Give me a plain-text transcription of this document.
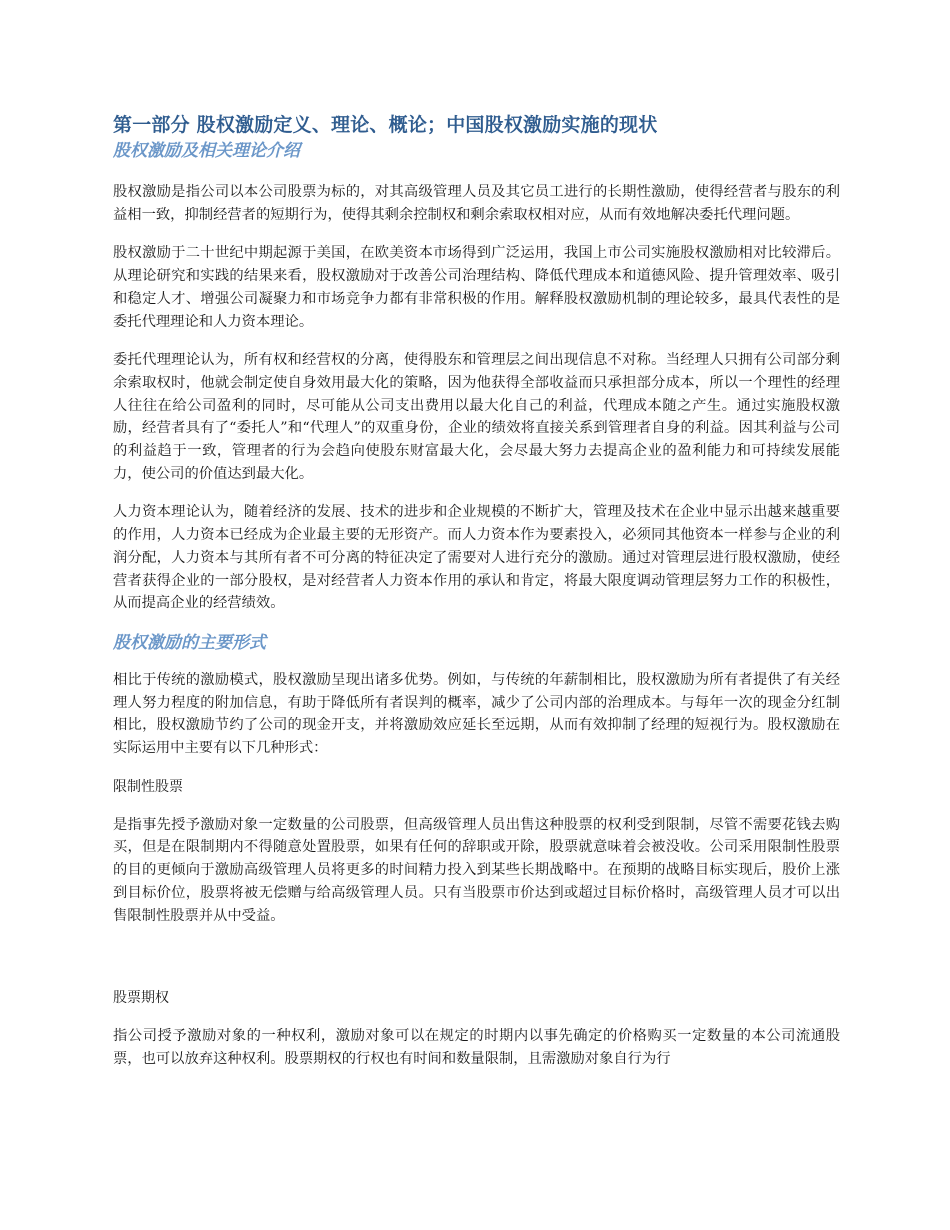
第一部分 股权激励定义、理论、概论；中国股权激励实施的现状
股权激励及相关理论介绍

股权激励是指公司以本公司股票为标的，对其高级管理人员及其它员工进行的长期性激励，使得经营者与股东的利益相一致，抑制经营者的短期行为，使得其剩余控制权和剩余索取权相对应，从而有效地解决委托代理问题。

股权激励于二十世纪中期起源于美国，在欧美资本市场得到广泛运用，我国上市公司实施股权激励相对比较滞后。从理论研究和实践的结果来看，股权激励对于改善公司治理结构、降低代理成本和道德风险、提升管理效率、吸引和稳定人才、增强公司凝聚力和市场竞争力都有非常积极的作用。解释股权激励机制的理论较多，最具代表性的是委托代理理论和人力资本理论。

委托代理理论认为，所有权和经营权的分离，使得股东和管理层之间出现信息不对称。当经理人只拥有公司部分剩余索取权时，他就会制定使自身效用最大化的策略，因为他获得全部收益而只承担部分成本，所以一个理性的经理人往往在给公司盈利的同时，尽可能从公司支出费用以最大化自己的利益，代理成本随之产生。通过实施股权激励，经营者具有了“委托人”和“代理人”的双重身份，企业的绩效将直接关系到管理者自身的利益。因其利益与公司的利益趋于一致，管理者的行为会趋向使股东财富最大化，会尽最大努力去提高企业的盈利能力和可持续发展能力，使公司的价值达到最大化。

人力资本理论认为，随着经济的发展、技术的进步和企业规模的不断扩大，管理及技术在企业中显示出越来越重要的作用，人力资本已经成为企业最主要的无形资产。而人力资本作为要素投入，必须同其他资本一样参与企业的利润分配，人力资本与其所有者不可分离的特征决定了需要对人进行充分的激励。通过对管理层进行股权激励，使经营者获得企业的一部分股权，是对经营者人力资本作用的承认和肯定，将最大限度调动管理层努力工作的积极性，从而提高企业的经营绩效。

股权激励的主要形式

相比于传统的激励模式，股权激励呈现出诸多优势。例如，与传统的年薪制相比，股权激励为所有者提供了有关经理人努力程度的附加信息，有助于降低所有者误判的概率，减少了公司内部的治理成本。与每年一次的现金分红制相比，股权激励节约了公司的现金开支，并将激励效应延长至远期，从而有效抑制了经理的短视行为。股权激励在实际运用中主要有以下几种形式：

限制性股票

是指事先授予激励对象一定数量的公司股票，但高级管理人员出售这种股票的权利受到限制，尽管不需要花钱去购买，但是在限制期内不得随意处置股票，如果有任何的辞职或开除，股票就意味着会被没收。公司采用限制性股票的目的更倾向于激励高级管理人员将更多的时间精力投入到某些长期战略中。在预期的战略目标实现后，股价上涨到目标价位，股票将被无偿赠与给高级管理人员。只有当股票市价达到或超过目标价格时，高级管理人员才可以出售限制性股票并从中受益。

股票期权

指公司授予激励对象的一种权利，激励对象可以在规定的时期内以事先确定的价格购买一定数量的本公司流通股票，也可以放弃这种权利。股票期权的行权也有时间和数量限制，且需激励对象自行为行
